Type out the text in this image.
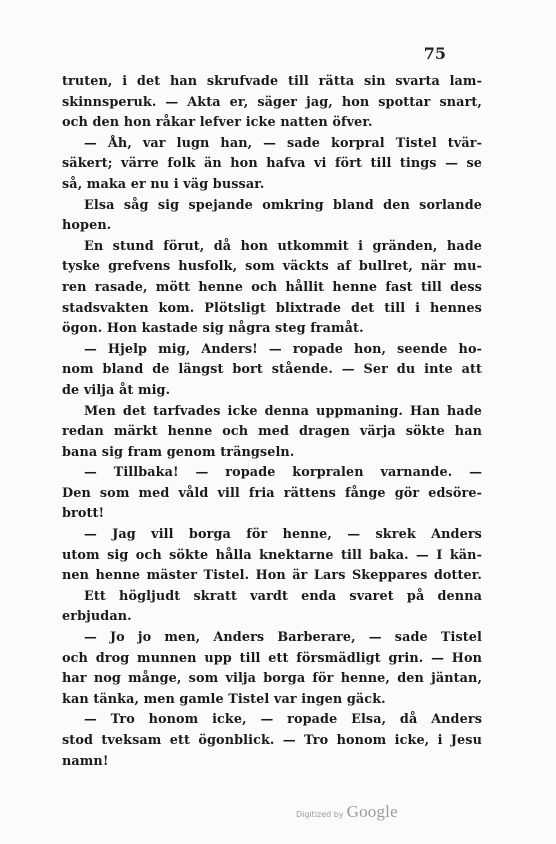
75
truten, i det han skrufvade till rätta sin svarta lam-
skinnsperuk. — Akta er, säger jag, hon spottar snart,
och den hon råkar lefver icke natten öfver.
— Åh, var lugn han, — sade korpral Tistel tvär-
säkert; värre folk än hon hafva vi fört till tings — se
så, maka er nu i väg bussar.
Elsa såg sig spejande omkring bland den sorlande
hopen.
En stund förut, då hon utkommit i gränden, hade
tyske grefvens husfolk, som väckts af bullret, när mu-
ren rasade, mött henne och hållit henne fast till dess
stadsvakten kom. Plötsligt blixtrade det till i hennes
ögon. Hon kastade sig några steg framåt.
— Hjelp mig, Anders! — ropade hon, seende ho-
nom bland de längst bort stående. — Ser du inte att
de vilja åt mig.
Men det tarfvades icke denna uppmaning. Han hade
redan märkt henne och med dragen värja sökte han
bana sig fram genom trängseln.
— Tillbaka! — ropade korpralen varnande. —
Den som med våld vill fria rättens fånge gör edsöre-
brott!
— Jag vill borga för henne, — skrek Anders
utom sig och sökte hålla knektarne till baka. — I kän-
nen henne mäster Tistel. Hon är Lars Skeppares dotter.
Ett högljudt skratt vardt enda svaret på denna
erbjudan.
— Jo jo men, Anders Barberare, — sade Tistel
och drog munnen upp till ett försmädligt grin. — Hon
har nog månge, som vilja borga för henne, den jäntan,
kan tänka, men gamle Tistel var ingen gäck.
— Tro honom icke, — ropade Elsa, då Anders
stod tveksam ett ögonblick. — Tro honom icke, i Jesu
namn!
Digitized by Google
